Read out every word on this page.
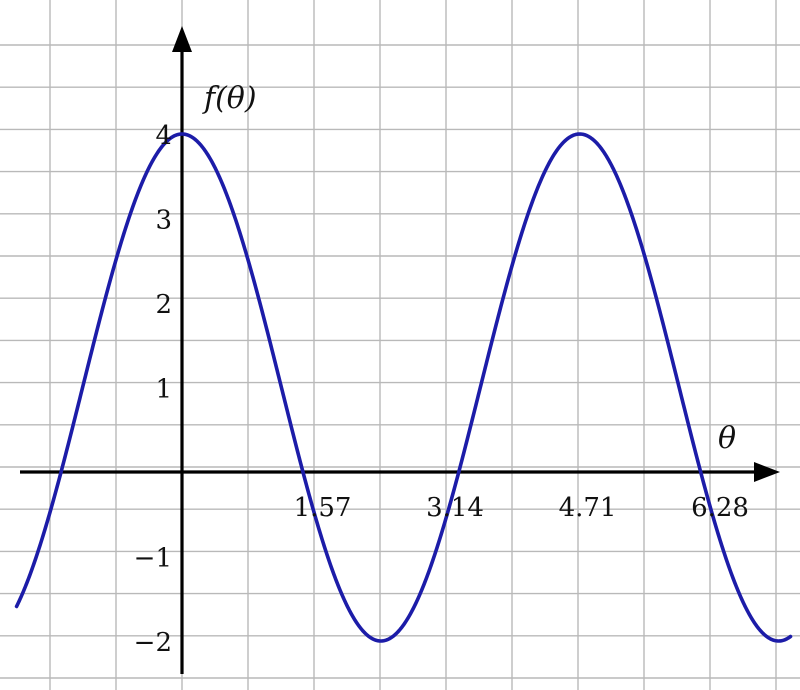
1.57	3.14	4.71	6.28
−2
−1
1
2
3
4
θ
f(θ)
